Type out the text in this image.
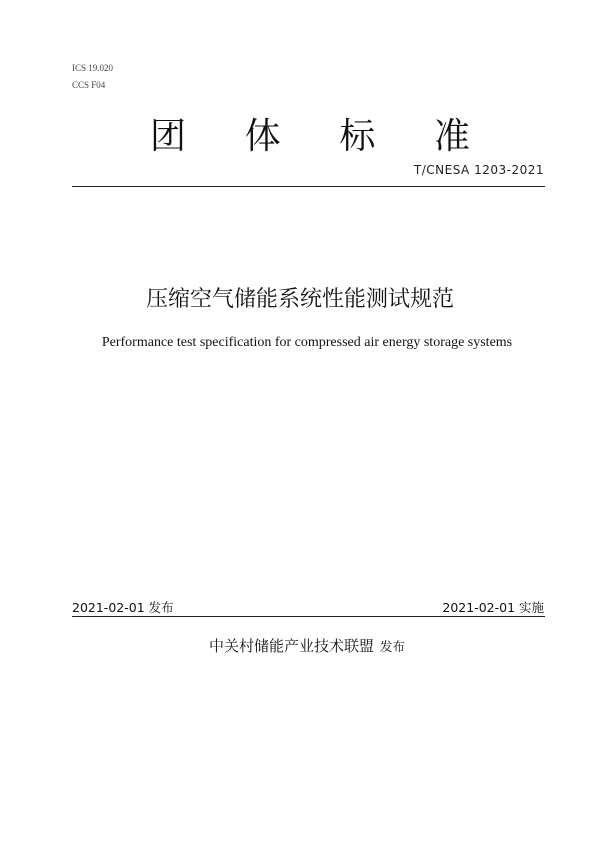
ICS 19.020
CCS F04
团 体 标 准
T/CNESA 1203-2021
压缩空气储能系统性能测试规范
Performance test specification for compressed air energy storage systems
2021-02-01 发布	2021-02-01 实施
中关村储能产业技术联盟 发布
